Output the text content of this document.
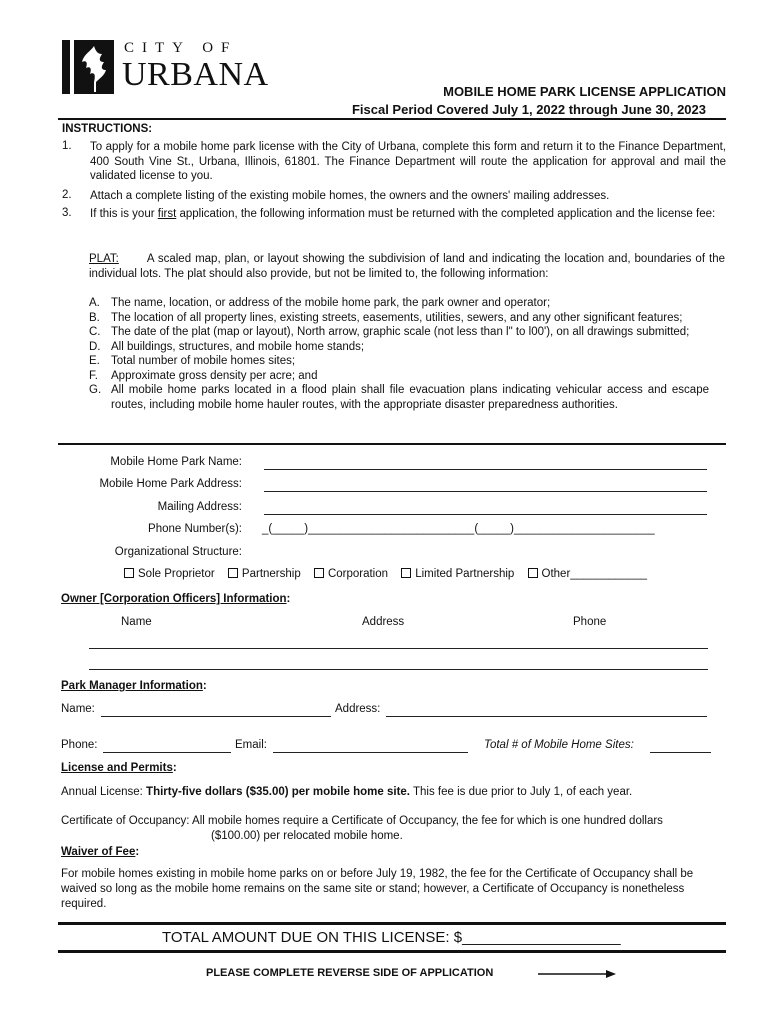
CITY OF
URBANA	MOBILE HOME PARK LICENSE APPLICATION
Fiscal Period Covered July 1, 2022 through June 30, 2023
INSTRUCTIONS:
1. To apply for a mobile home park license with the City of Urbana, complete this form and return it to the Finance Department, 400 South Vine St., Urbana, Illinois, 61801. The Finance Department will route the application for approval and mail the validated license to you.

2. Attach a complete listing of the existing mobile homes, the owners and the owners' mailing addresses.

3. If this is your first application, the following information must be returned with the completed application and the license fee:

PLAT: A scaled map, plan, or layout showing the subdivision of land and indicating the location and, boundaries of the individual lots. The plat should also provide, but not be limited to, the following information:

A. The name, location, or address of the mobile home park, the park owner and operator;
B. The location of all property lines, existing streets, easements, utilities, sewers, and any other significant features;
C. The date of the plat (map or layout), North arrow, graphic scale (not less than l" to l00'), on all drawings submitted;
D. All buildings, structures, and mobile home stands;
E. Total number of mobile homes sites;
F. Approximate gross density per acre; and
G. All mobile home parks located in a flood plain shall file evacuation plans indicating vehicular access and escape routes, including mobile home hauler routes, with the appropriate disaster preparedness authorities.
Mobile Home Park Name:
Mobile Home Park Address:
Mailing Address:
Phone Number(s): _(_____)__________________________(_____)______________________
Organizational Structure:
Sole Proprietor Partnership Corporation Limited Partnership Other____________
Owner [Corporation Officers] Information:
Name	Address	Phone
Park Manager Information:
Name:	Address:
Phone:	Email:	Total # of Mobile Home Sites:
License and Permits:
Annual License: Thirty-five dollars ($35.00) per mobile home site. This fee is due prior to July 1, of each year.
Certificate of Occupancy: All mobile homes require a Certificate of Occupancy, the fee for which is one hundred dollars
($100.00) per relocated mobile home.
Waiver of Fee:
For mobile homes existing in mobile home parks on or before July 19, 1982, the fee for the Certificate of Occupancy shall be waived so long as the mobile home remains on the same site or stand; however, a Certificate of Occupancy is nonetheless required.
TOTAL AMOUNT DUE ON THIS LICENSE: $___________________
PLEASE COMPLETE REVERSE SIDE OF APPLICATION
